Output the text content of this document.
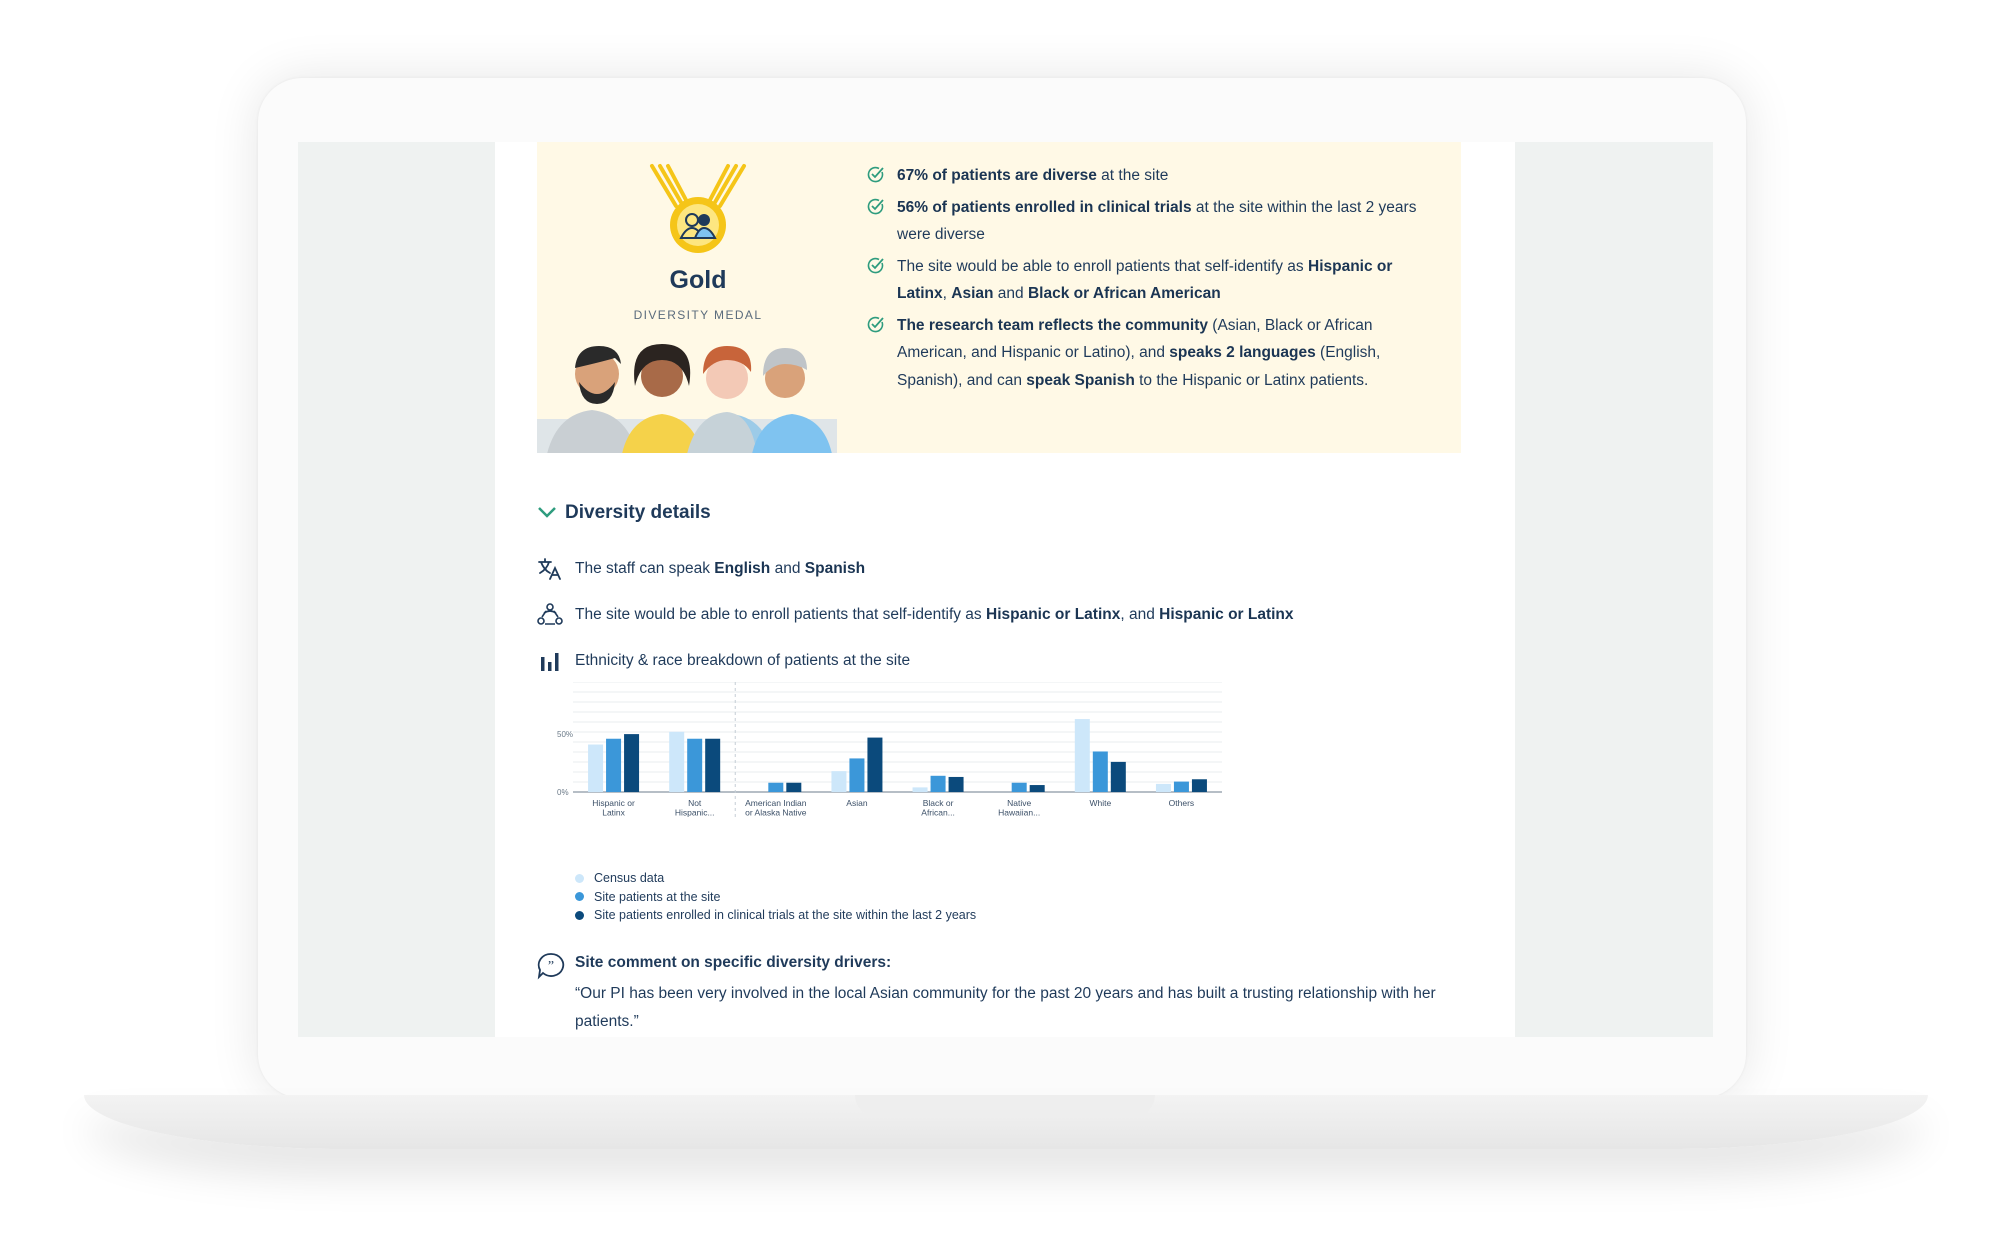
Gold
DIVERSITY MEDAL
67% of patients are diverse at the site
56% of patients enrolled in clinical trials at the site within the last 2 years were diverse
The site would be able to enroll patients that self-identify as Hispanic or Latinx, Asian and Black or African American
The research team reflects the community (Asian, Black or African American, and Hispanic or Latino), and speaks 2 languages (English, Spanish), and can speak Spanish to the Hispanic or Latinx patients.
Diversity details
The staff can speak English and Spanish
The site would be able to enroll patients that self-identify as Hispanic or Latinx, and Hispanic or Latinx
Ethnicity & race breakdown of patients at the site
50%
0%
Hispanic or
Latinx
Not
Hispanic...
American Indian
or Alaska Native
Asian	Black or
African...
Native
Hawaiian...
White	Others
Census data
Site patients at the site
Site patients enrolled in clinical trials at the site within the last 2 years
” Site comment on specific diversity drivers:
“Our PI has been very involved in the local Asian community for the past 20 years and has built a trusting relationship with her patients.”
